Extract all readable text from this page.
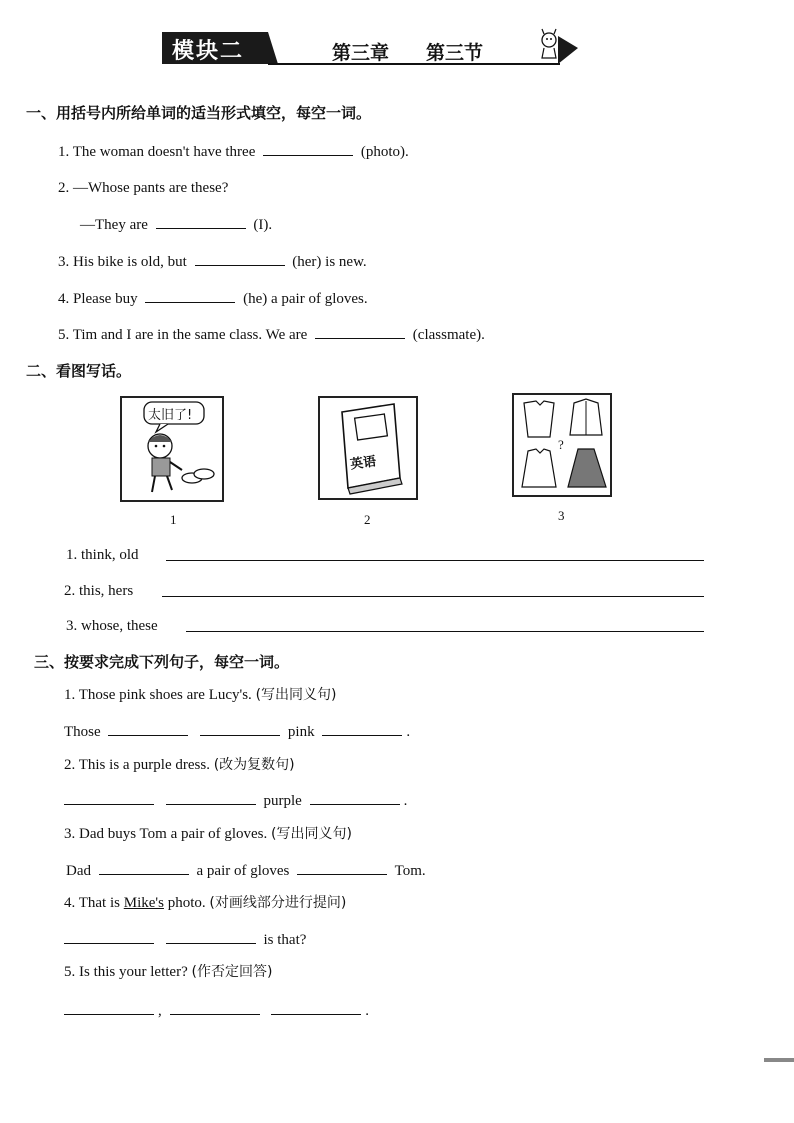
模块二	第三章 第三节
一、用括号内所给单词的适当形式填空，每空一词。
1. The woman doesn't have three	(photo).
2. —Whose pants are these?
—They are	(I).
3. His bike is old, but	(her) is new.
4. Please buy	(he) a pair of gloves.
5. Tim and I are in the same class. We are	(classmate).
二、看图写话。
太旧了!
1
英语
2
?
3
1. think, old
2. this, hers
3. whose, these
三、按要求完成下列句子，每空一词。
1. Those pink shoes are Lucy's. (写出同义句)
Those	pink	.
2. This is a purple dress. (改为复数句)
purple	.
3. Dad buys Tom a pair of gloves. (写出同义句)
Dad	a pair of gloves	Tom.
4. That is Mike's photo. (对画线部分进行提问)
is that?
5. Is this your letter? (作否定回答)
,	.
